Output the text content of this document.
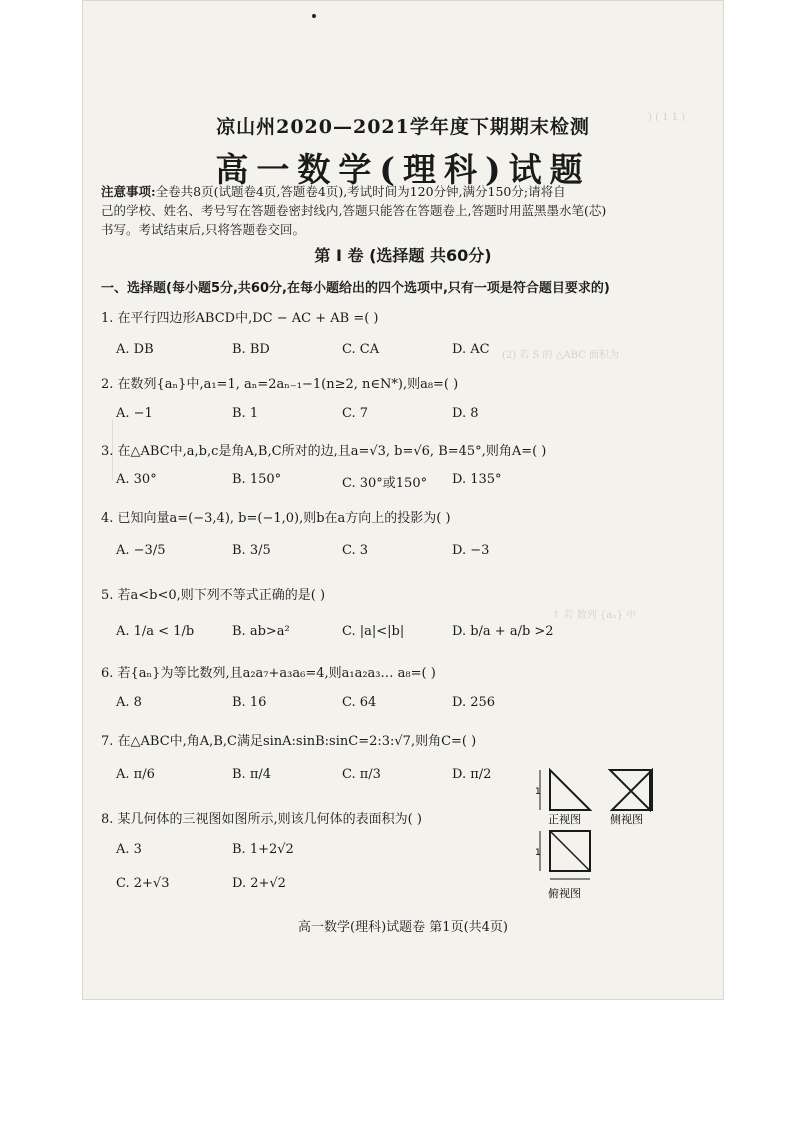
) ( 1 1 )
(2) 若 S 的 △ABC 面积为
↑ 若 数列 {aₙ} 中
凉山州2020—2021学年度下期期末检测
高一数学(理科)试题
注意事项:全卷共8页(试题卷4页,答题卷4页),考试时间为120分钟,满分150分;请将自
己的学校、姓名、考号写在答题卷密封线内,答题只能答在答题卷上,答题时用蓝黑墨水笔(芯)
书写。考试结束后,只将答题卷交回。
第 Ⅰ 卷 (选择题 共60分)
一、选择题(每小题5分,共60分,在每小题给出的四个选项中,只有一项是符合题目要求的)
1. 在平行四边形ABCD中,DC − AC + AB =( )
A. DB	B. BD	C. CA	D. AC
2. 在数列{aₙ}中,a₁=1, aₙ=2aₙ₋₁−1(n≥2, n∈N*),则a₈=( )
A. −1	B. 1	C. 7	D. 8
3. 在△ABC中,a,b,c是角A,B,C所对的边,且a=√3, b=√6, B=45°,则角A=( )
A. 30°	B. 150°	C. 30°或150° D. 135°
4. 已知向量a=(−3,4), b=(−1,0),则b在a方向上的投影为( )
A. −3/5	B. 3/5	C. 3	D. −3
5. 若a<b<0,则下列不等式正确的是( )
A. 1/a < 1/b	B. ab>a²	C. |a|<|b|	D. b/a + a/b >2
6. 若{aₙ}为等比数列,且a₂a₇+a₃a₆=4,则a₁a₂a₃… a₈=( )
A. 8	B. 16	C. 64	D. 256
7. 在△ABC中,角A,B,C满足sinA:sinB:sinC=2:3:√7,则角C=( )
A. π/6	B. π/4	C. π/3	D. π/2
8. 某几何体的三视图如图所示,则该几何体的表面积为( )
A. 3	B. 1+2√2
C. 2+√3	D. 2+√2
1
正视图	侧视图
1
俯视图
高一数学(理科)试题卷 第1页(共4页)
